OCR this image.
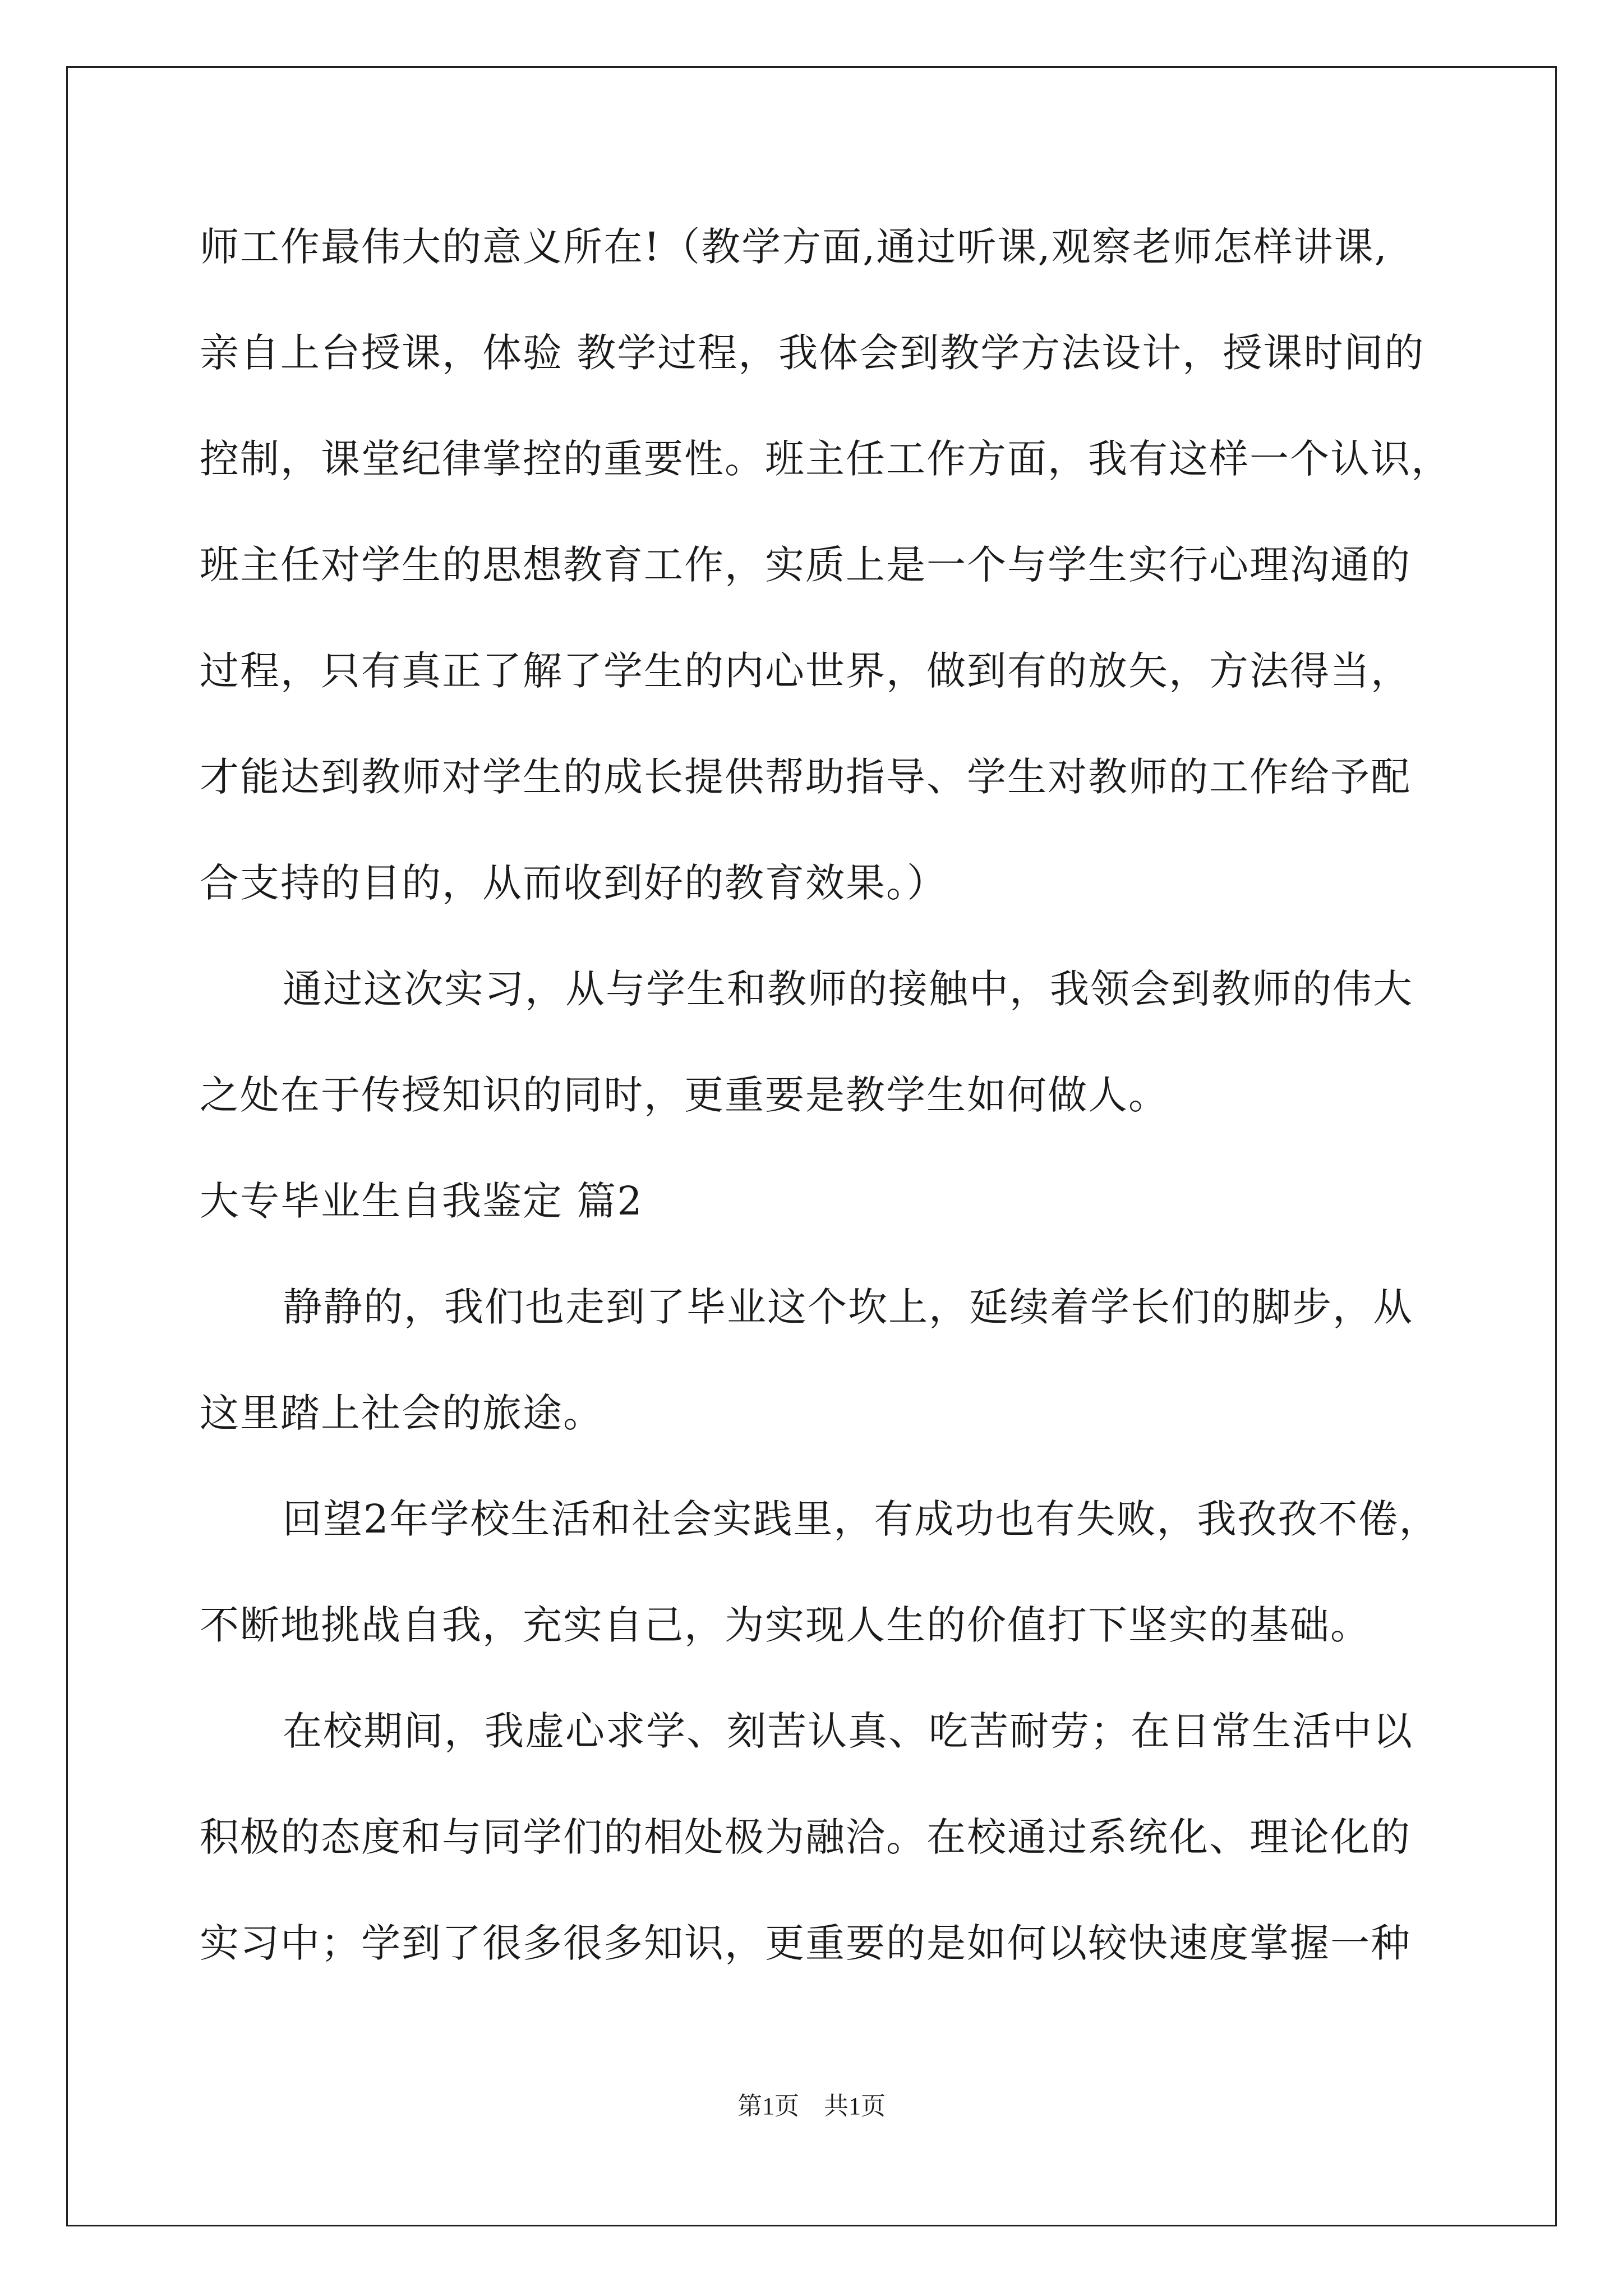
师工作最伟大的意义所在!（教学方面,通过听课,观察老师怎样讲课,
亲自上台授课，体验 教学过程，我体会到教学方法设计，授课时间的
控制，课堂纪律掌控的重要性。班主任工作方面，我有这样一个认识，
班主任对学生的思想教育工作，实质上是一个与学生实行心理沟通的
过程，只有真正了解了学生的内心世界，做到有的放矢，方法得当，
才能达到教师对学生的成长提供帮助指导、学生对教师的工作给予配
合支持的目的，从而收到好的教育效果。）
通过这次实习，从与学生和教师的接触中，我领会到教师的伟大
之处在于传授知识的同时，更重要是教学生如何做人。
大专毕业生自我鉴定 篇2
静静的，我们也走到了毕业这个坎上，延续着学长们的脚步，从
这里踏上社会的旅途。
回望2年学校生活和社会实践里，有成功也有失败，我孜孜不倦，
不断地挑战自我，充实自己，为实现人生的价值打下坚实的基础。
在校期间，我虚心求学、刻苦认真、吃苦耐劳；在日常生活中以
积极的态度和与同学们的相处极为融洽。在校通过系统化、理论化的
实习中；学到了很多很多知识，更重要的是如何以较快速度掌握一种
第1页　共1页
